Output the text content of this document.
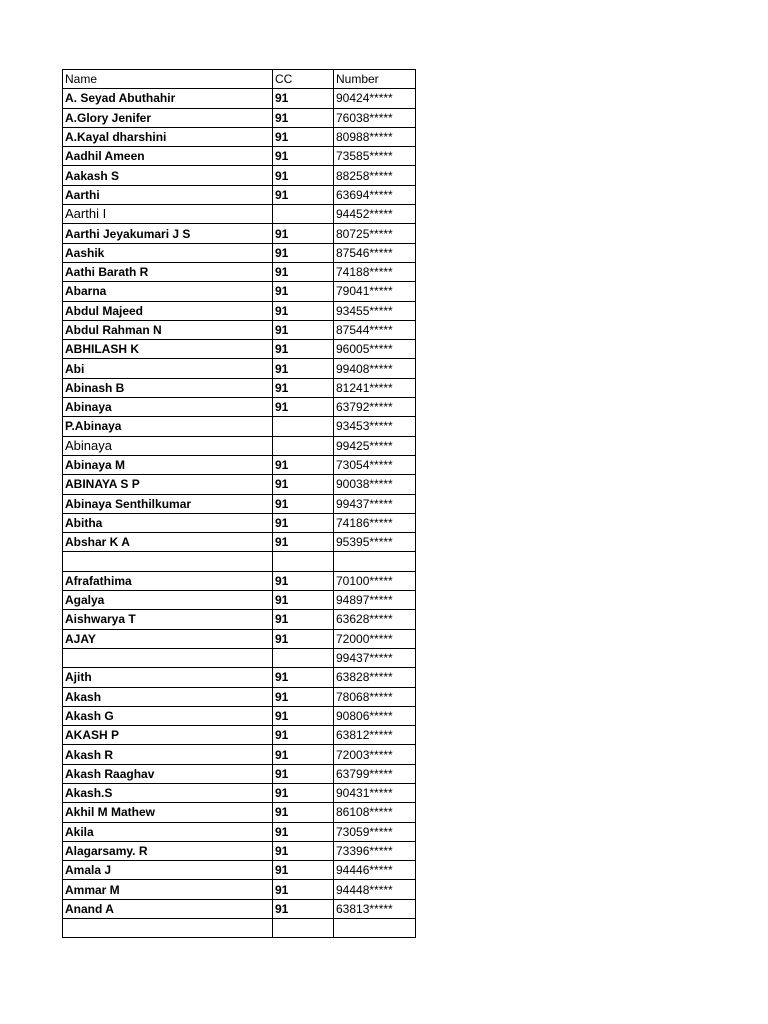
Name	CC	Number
A. Seyad Abuthahir	91	90424*****
A.Glory Jenifer	91	76038*****
A.Kayal dharshini	91	80988*****
Aadhil Ameen	91	73585*****
Aakash S	91	88258*****
Aarthi	91	63694*****
Aarthi I		94452*****
Aarthi Jeyakumari J S	91	80725*****
Aashik	91	87546*****
Aathi Barath R	91	74188*****
Abarna	91	79041*****
Abdul Majeed	91	93455*****
Abdul Rahman N	91	87544*****
ABHILASH K	91	96005*****
Abi	91	99408*****
Abinash B	91	81241*****
Abinaya	91	63792*****
P.Abinaya		93453*****
Abinaya		99425*****
Abinaya M	91	73054*****
ABINAYA S P	91	90038*****
Abinaya Senthilkumar	91	99437*****
Abitha	91	74186*****
Abshar K A	91	95395*****

Afrafathima	91	70100*****
Agalya	91	94897*****
Aishwarya T	91	63628*****
AJAY	91	72000*****
		99437*****
Ajith	91	63828*****
Akash	91	78068*****
Akash G	91	90806*****
AKASH P	91	63812*****
Akash R	91	72003*****
Akash Raaghav	91	63799*****
Akash.S	91	90431*****
Akhil M Mathew	91	86108*****
Akila	91	73059*****
Alagarsamy. R	91	73396*****
Amala J	91	94446*****
Ammar M	91	94448*****
Anand A	91	63813*****
